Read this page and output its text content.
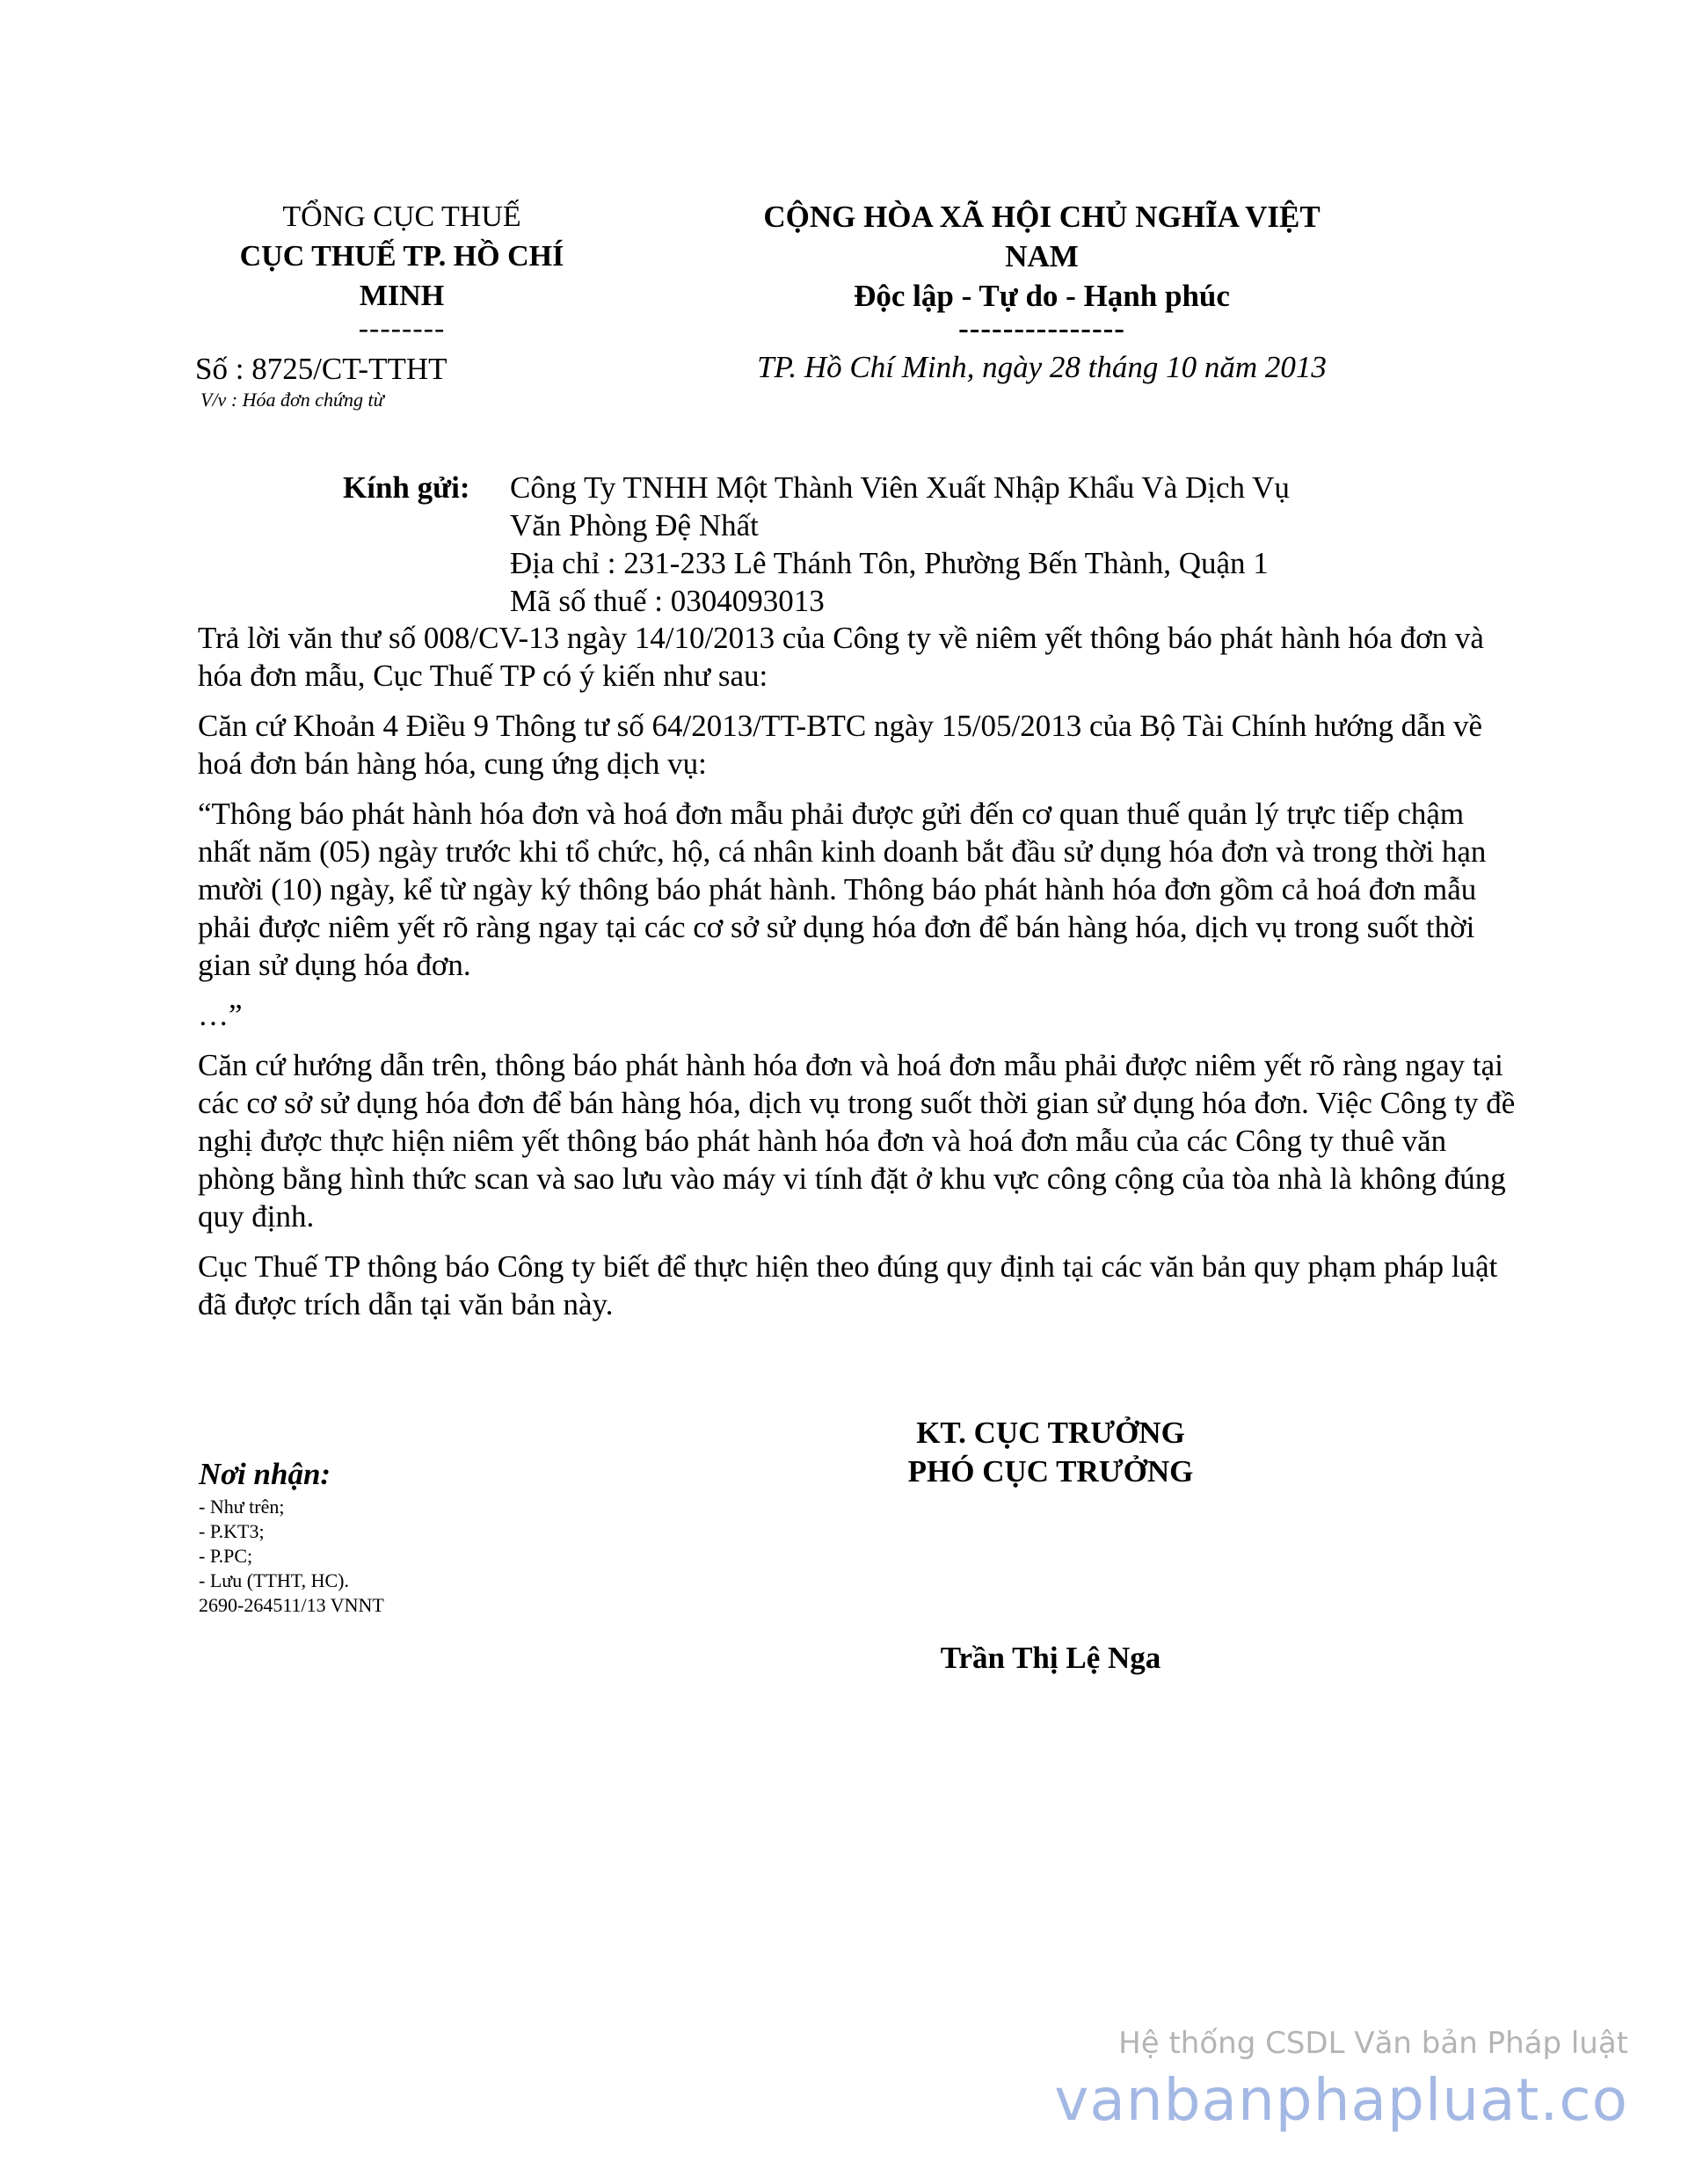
TỔNG CỤC THUẾ
CỤC THUẾ TP. HỒ CHÍ
MINH
--------
CỘNG HÒA XÃ HỘI CHỦ NGHĨA VIỆT
NAM
Độc lập - Tự do - Hạnh phúc
---------------
Số : 8725/CT-TTHT
V/v : Hóa đơn chứng từ
TP. Hồ Chí Minh, ngày 28 tháng 10 năm 2013
Kính gửi: Công Ty TNHH Một Thành Viên Xuất Nhập Khẩu Và Dịch Vụ
Văn Phòng Đệ Nhất
Địa chỉ : 231-233 Lê Thánh Tôn, Phường Bến Thành, Quận 1
Mã số thuế : 0304093013

Trả lời văn thư số 008/CV-13 ngày 14/10/2013 của Công ty về niêm yết thông báo phát hành hóa đơn và hóa đơn mẫu, Cục Thuế TP có ý kiến như sau:

Căn cứ Khoản 4 Điều 9 Thông tư số 64/2013/TT-BTC ngày 15/05/2013 của Bộ Tài Chính hướng dẫn về hoá đơn bán hàng hóa, cung ứng dịch vụ:

“Thông báo phát hành hóa đơn và hoá đơn mẫu phải được gửi đến cơ quan thuế quản lý trực tiếp chậm nhất năm (05) ngày trước khi tổ chức, hộ, cá nhân kinh doanh bắt đầu sử dụng hóa đơn và trong thời hạn mười (10) ngày, kể từ ngày ký thông báo phát hành. Thông báo phát hành hóa đơn gồm cả hoá đơn mẫu phải được niêm yết rõ ràng ngay tại các cơ sở sử dụng hóa đơn để bán hàng hóa, dịch vụ trong suốt thời gian sử dụng hóa đơn.

…”

Căn cứ hướng dẫn trên, thông báo phát hành hóa đơn và hoá đơn mẫu phải được niêm yết rõ ràng ngay tại các cơ sở sử dụng hóa đơn để bán hàng hóa, dịch vụ trong suốt thời gian sử dụng hóa đơn. Việc Công ty đề nghị được thực hiện niêm yết thông báo phát hành hóa đơn và hoá đơn mẫu của các Công ty thuê văn phòng bằng hình thức scan và sao lưu vào máy vi tính đặt ở khu vực công cộng của tòa nhà là không đúng quy định.

Cục Thuế TP thông báo Công ty biết để thực hiện theo đúng quy định tại các văn bản quy phạm pháp luật đã được trích dẫn tại văn bản này.

KT. CỤC TRƯỞNG
PHÓ CỤC TRƯỞNG
Trần Thị Lệ Nga
Nơi nhận:
- Như trên;
- P.KT3;
- P.PC;
- Lưu (TTHT, HC).
2690-264511/13 VNNT
Hệ thống CSDL Văn bản Pháp luật
vanbanphapluat.co
